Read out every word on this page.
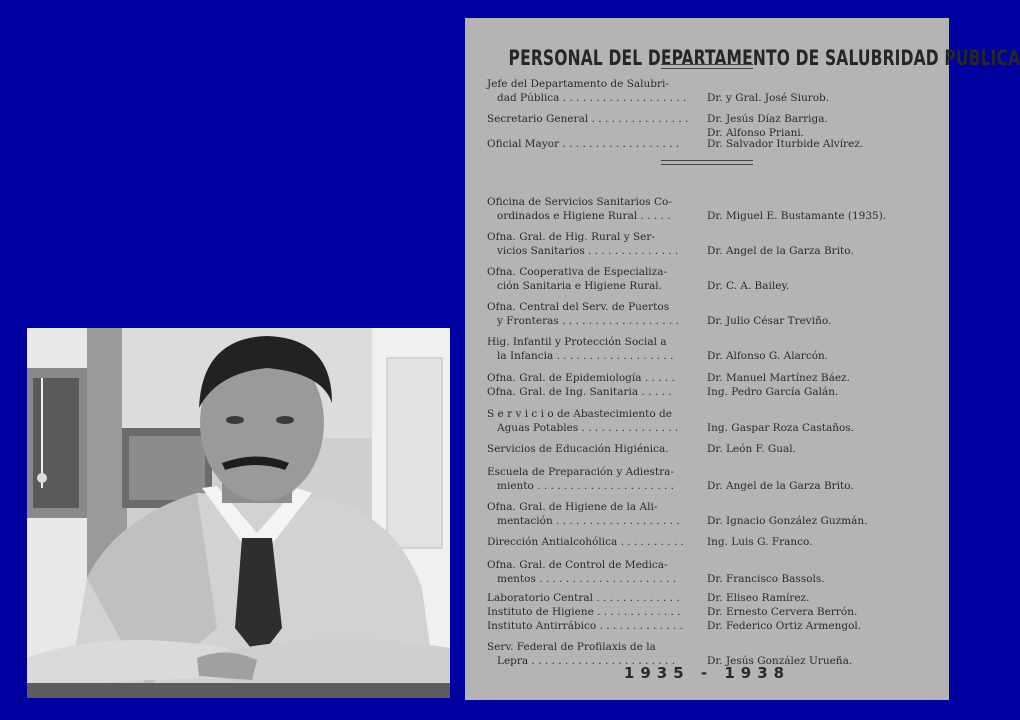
PERSONAL DEL DEPARTAMENTO DE SALUBRIDAD PUBLICA
Jefe del Departamento de Salubri-
dad Pública . . . . . . . . . . . . . . . . . . .
	Dr. y Gral. José Siurob.
Secretario General . . . . . . . . . . . . . . .	Dr. Jesús Díaz Barriga.
Dr. Alfonso Priani.
Oficial Mayor . . . . . . . . . . . . . . . . . .	Dr. Salvador Iturbide Alvírez.
Oficina de Servicios Sanitarios Co-
ordinados e Higiene Rural . . . . .
	Dr. Miguel E. Bustamante (1935).
Ofna. Gral. de Hig. Rural y Ser-
vicios Sanitarios . . . . . . . . . . . . . .
	Dr. Angel de la Garza Brito.
Ofna. Cooperativa de Especializa-
ción Sanitaria e Higiene Rural.
	Dr. C. A. Bailey.
Ofna. Central del Serv. de Puertos
y Fronteras . . . . . . . . . . . . . . . . . .
	Dr. Julio César Treviño.
Hig. Infantil y Protección Social a
la Infancia . . . . . . . . . . . . . . . . . .
	Dr. Alfonso G. Alarcón.
Ofna. Gral. de Epidemiología . . . . .	Dr. Manuel Martínez Báez.
Ofna. Gral. de Ing. Sanitaria . . . . .	Ing. Pedro García Galán.
S e r v i c i o de Abastecimiento de
Aguas Potables . . . . . . . . . . . . . . .
	Ing. Gaspar Roza Castaños.
Servicios de Educación Higiénica.	Dr. León F. Gual.
Escuela de Preparación y Adiestra-
miento . . . . . . . . . . . . . . . . . . . . .
	Dr. Angel de la Garza Brito.
Ofna. Gral. de Higiene de la Ali-
mentación . . . . . . . . . . . . . . . . . . .
	Dr. Ignacio González Guzmán.
Dirección Antialcohólica . . . . . . . . . .	Ing. Luis G. Franco.
Ofna. Gral. de Control de Medica-
mentos . . . . . . . . . . . . . . . . . . . . .
	Dr. Francisco Bassols.
Laboratorio Central . . . . . . . . . . . . .	Dr. Eliseo Ramírez.
Instituto de Higiene . . . . . . . . . . . . .	Dr. Ernesto Cervera Berrón.
Instituto Antirrábico . . . . . . . . . . . . .	Dr. Federico Ortiz Armengol.
Serv. Federal de Profilaxis de la
Lepra . . . . . . . . . . . . . . . . . . . . . .
	Dr. Jesús González Urueña.
1935 - 1938
